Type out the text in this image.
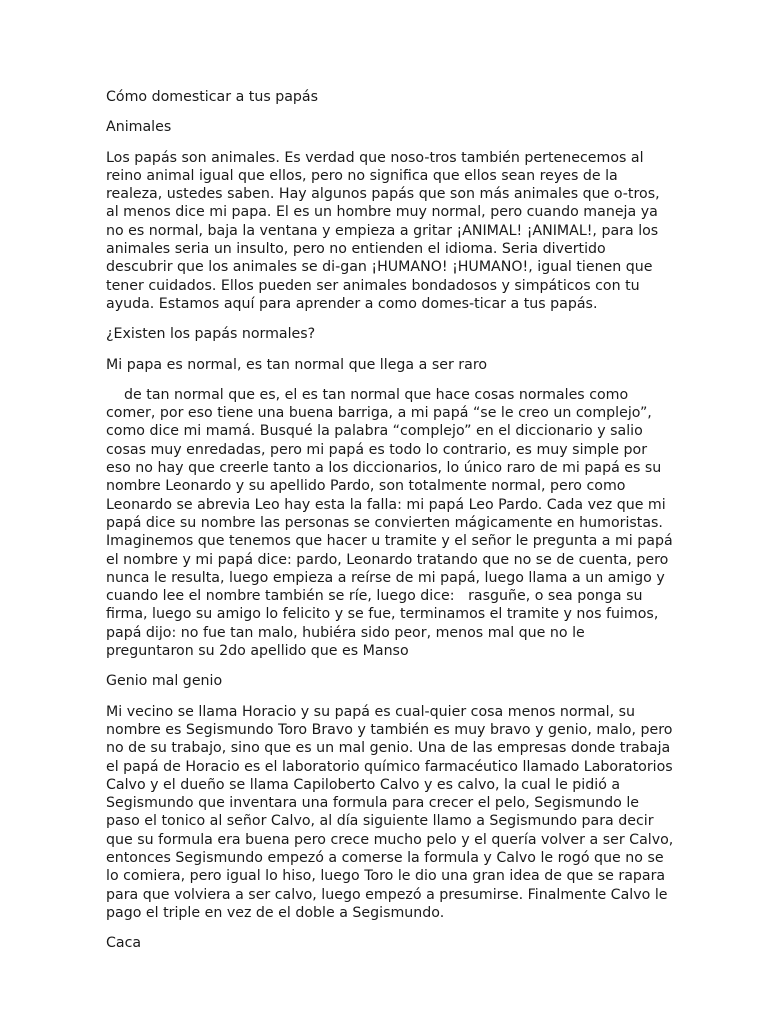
Cómo domesticar a tus papás

Animales

Los papás son animales. Es verdad que noso-tros también pertenecemos al
reino animal igual que ellos, pero no significa que ellos sean reyes de la
realeza, ustedes saben. Hay algunos papás que son más animales que o-tros,
al menos dice mi papa. El es un hombre muy normal, pero cuando maneja ya
no es normal, baja la ventana y empieza a gritar ¡ANIMAL! ¡ANIMAL!, para los
animales seria un insulto, pero no entienden el idioma. Seria divertido
descubrir que los animales se di-gan ¡HUMANO! ¡HUMANO!, igual tienen que
tener cuidados. Ellos pueden ser animales bondadosos y simpáticos con tu
ayuda. Estamos aquí para aprender a como domes-ticar a tus papás.

¿Existen los papás normales?

Mi papa es normal, es tan normal que llega a ser raro

de tan normal que es, el es tan normal que hace cosas normales como
comer, por eso tiene una buena barriga, a mi papá “se le creo un complejo”,
como dice mi mamá. Busqué la palabra “complejo” en el diccionario y salio
cosas muy enredadas, pero mi papá es todo lo contrario, es muy simple por
eso no hay que creerle tanto a los diccionarios, lo único raro de mi papá es su
nombre Leonardo y su apellido Pardo, son totalmente normal, pero como
Leonardo se abrevia Leo hay esta la falla: mi papá Leo Pardo. Cada vez que mi
papá dice su nombre las personas se convierten mágicamente en humoristas.
Imaginemos que tenemos que hacer u tramite y el señor le pregunta a mi papá
el nombre y mi papá dice: pardo, Leonardo tratando que no se de cuenta, pero
nunca le resulta, luego empieza a reírse de mi papá, luego llama a un amigo y
cuando lee el nombre también se ríe, luego dice:   rasguñe, o sea ponga su
firma, luego su amigo lo felicito y se fue, terminamos el tramite y nos fuimos,
papá dijo: no fue tan malo, hubiéra sido peor, menos mal que no le
preguntaron su 2do apellido que es Manso

Genio mal genio

Mi vecino se llama Horacio y su papá es cual-quier cosa menos normal, su
nombre es Segismundo Toro Bravo y también es muy bravo y genio, malo, pero
no de su trabajo, sino que es un mal genio. Una de las empresas donde trabaja
el papá de Horacio es el laboratorio químico farmacéutico llamado Laboratorios
Calvo y el dueño se llama Capiloberto Calvo y es calvo, la cual le pidió a
Segismundo que inventara una formula para crecer el pelo, Segismundo le
paso el tonico al señor Calvo, al día siguiente llamo a Segismundo para decir
que su formula era buena pero crece mucho pelo y el quería volver a ser Calvo,
entonces Segismundo empezó a comerse la formula y Calvo le rogó que no se
lo comiera, pero igual lo hiso, luego Toro le dio una gran idea de que se rapara
para que volviera a ser calvo, luego empezó a presumirse. Finalmente Calvo le
pago el triple en vez de el doble a Segismundo.

Caca
